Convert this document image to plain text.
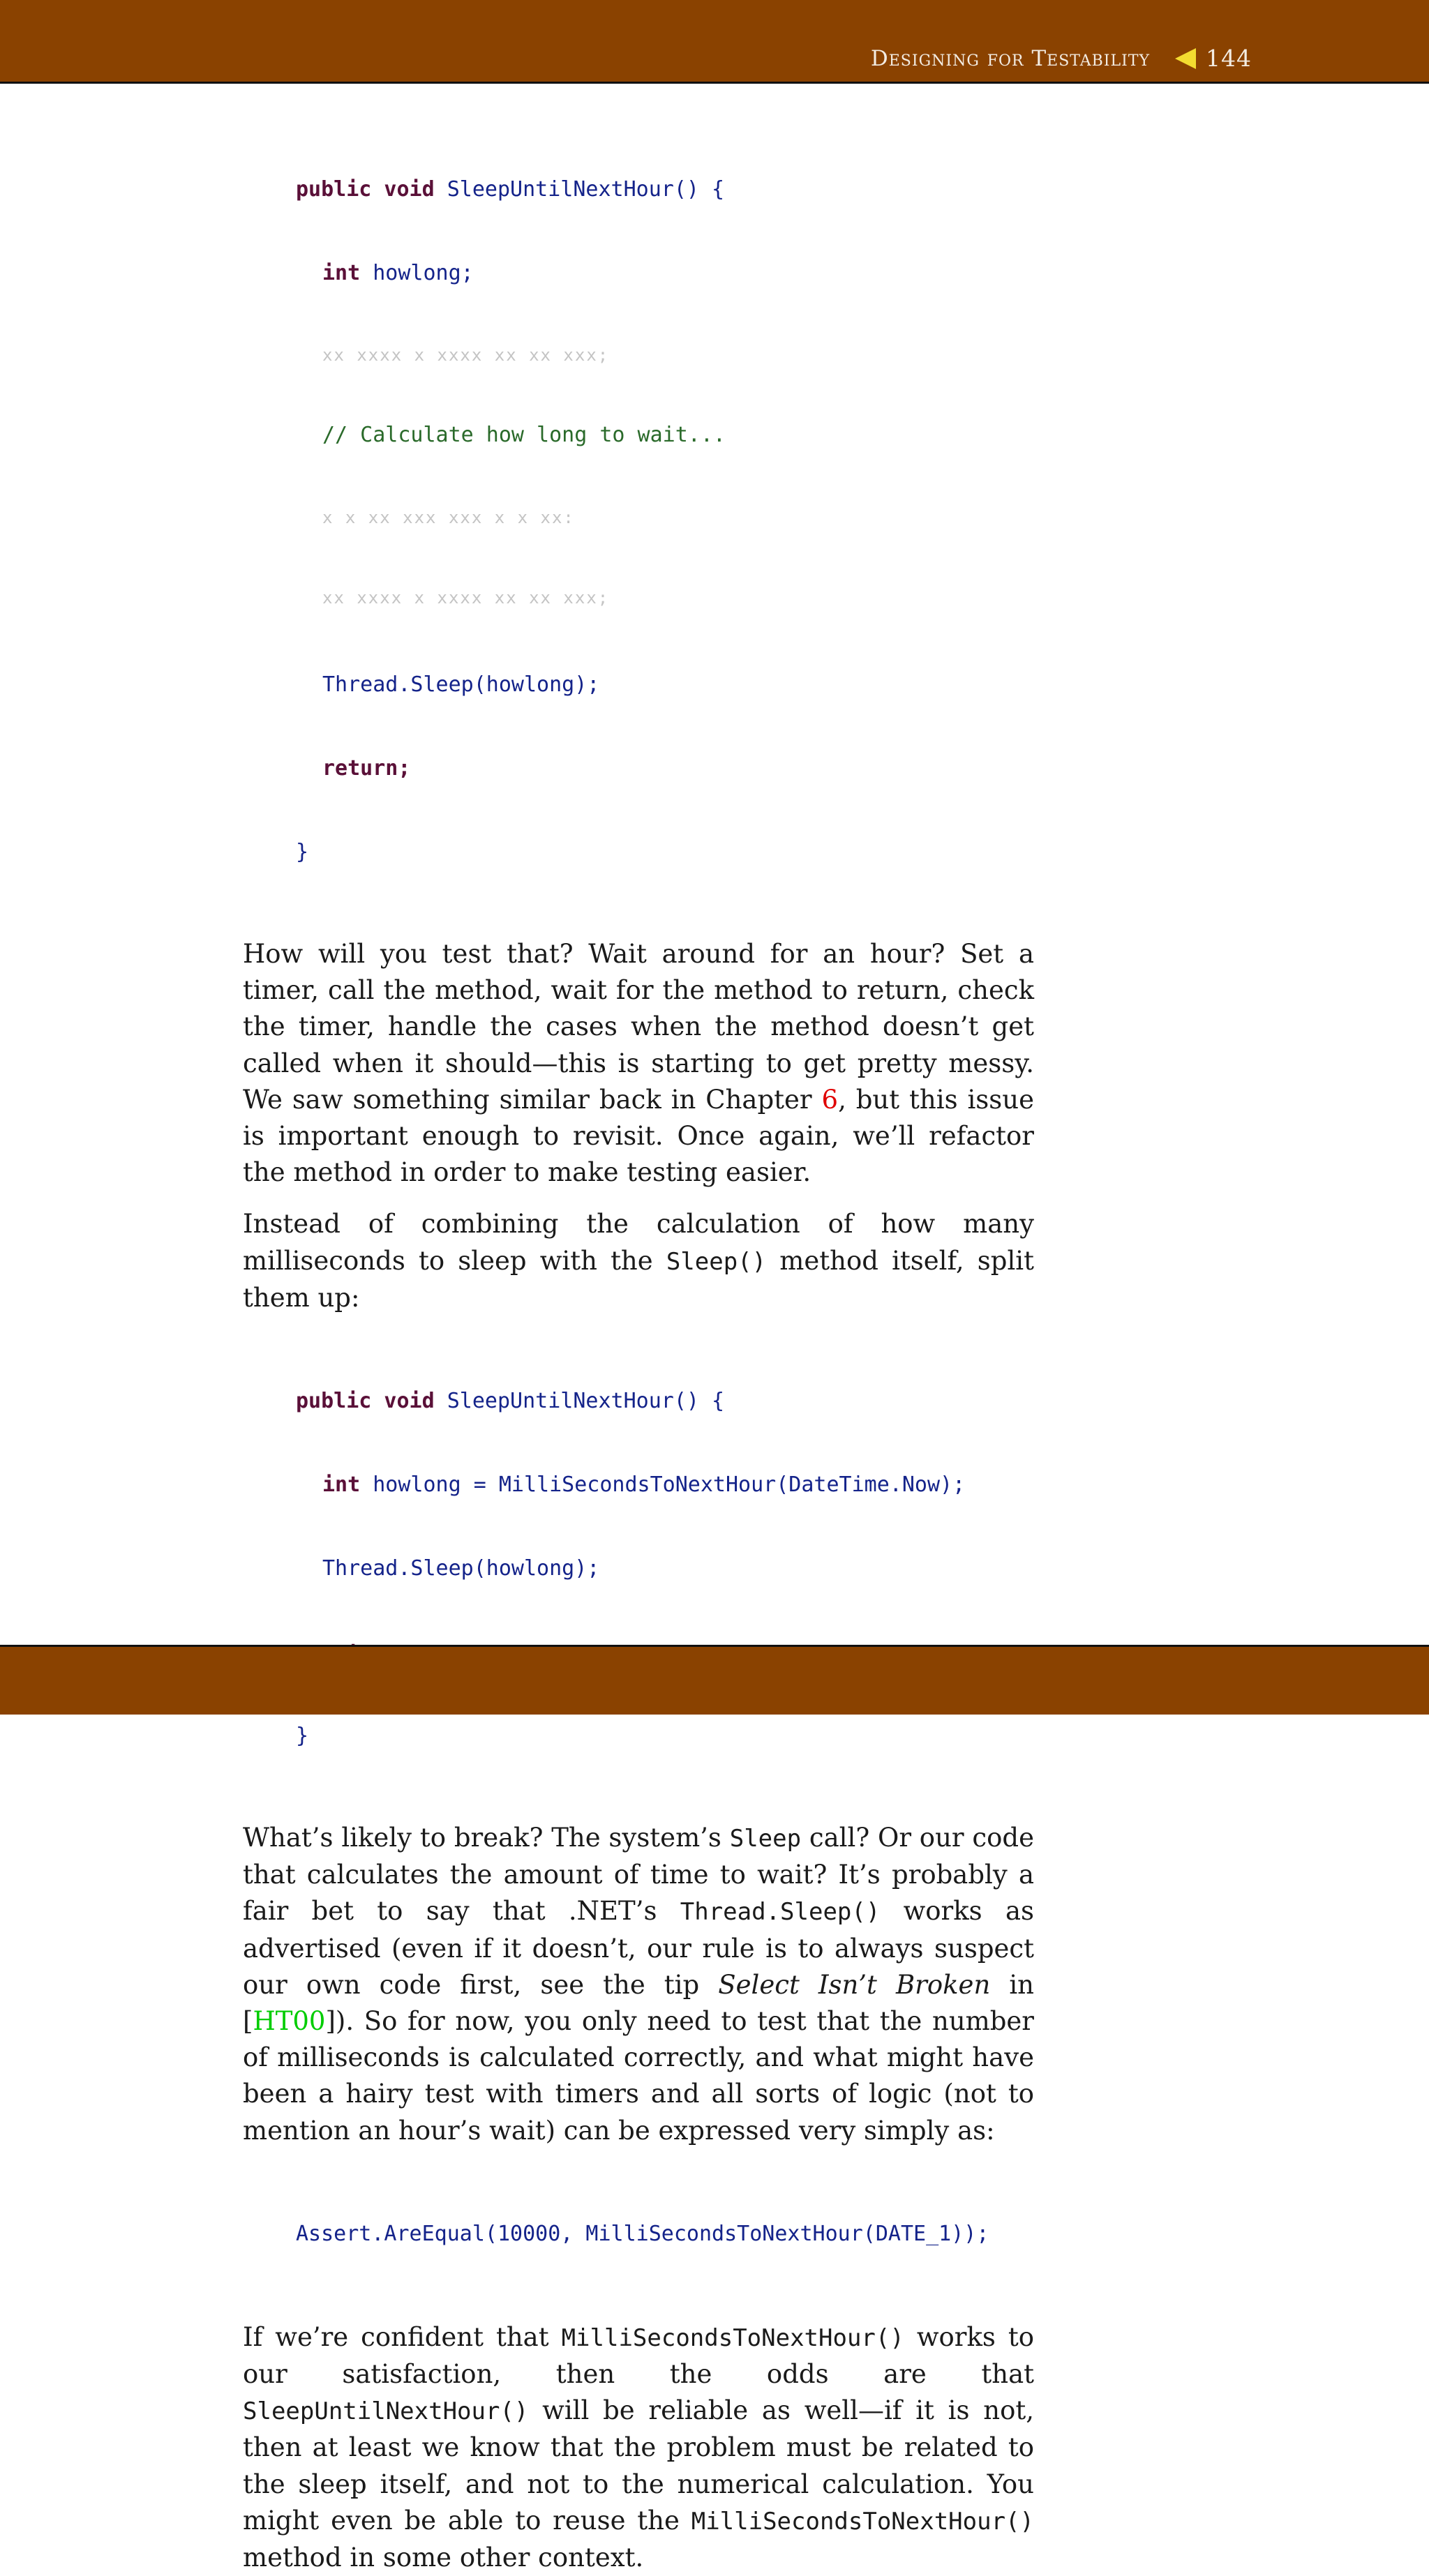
Designing for Testability 144

public void SleepUntilNextHour() {

int howlong;

xx xxxx x xxxx xx xx xxx;

// Calculate how long to wait...

x x xx xxx xxx x x xx:

xx xxxx x xxxx xx xx xxx;

Thread.Sleep(howlong);

return;

}

How will you test that? Wait around for an hour? Set a timer, call the method, wait for the method to return, check the timer, handle the cases when the method doesn’t get called when it should—this is starting to get pretty messy. We saw something similar back in Chapter 6, but this issue is important enough to revisit. Once again, we’ll refactor the method in order to make testing easier.

Instead of combining the calculation of how many milliseconds to sleep with the Sleep() method itself, split them up:

public void SleepUntilNextHour() {

int howlong = MilliSecondsToNextHour(DateTime.Now);

Thread.Sleep(howlong);

}

What’s likely to break? The system’s Sleep call? Or our code that calculates the amount of time to wait? It’s probably a fair bet to say that .NET’s Thread.Sleep() works as advertised (even if it doesn’t, our rule is to always suspect our own code first, see the tip Select Isn’t Broken in [HT00]). So for now, you only need to test that the number of milliseconds is calculated correctly, and what might have been a hairy test with timers and all sorts of logic (not to mention an hour’s wait) can be expressed very simply as:

Assert.AreEqual(10000, MilliSecondsToNextHour(DATE_1));

If we’re confident that MilliSecondsToNextHour() works to our satisfaction, then the odds are that SleepUntilNextHour() will be reliable as well—if it is not, then at least we know that the problem must be related to the sleep itself, and not to the numerical calculation. You might even be able to reuse the MilliSecondsToNextHour() method in some other context.
